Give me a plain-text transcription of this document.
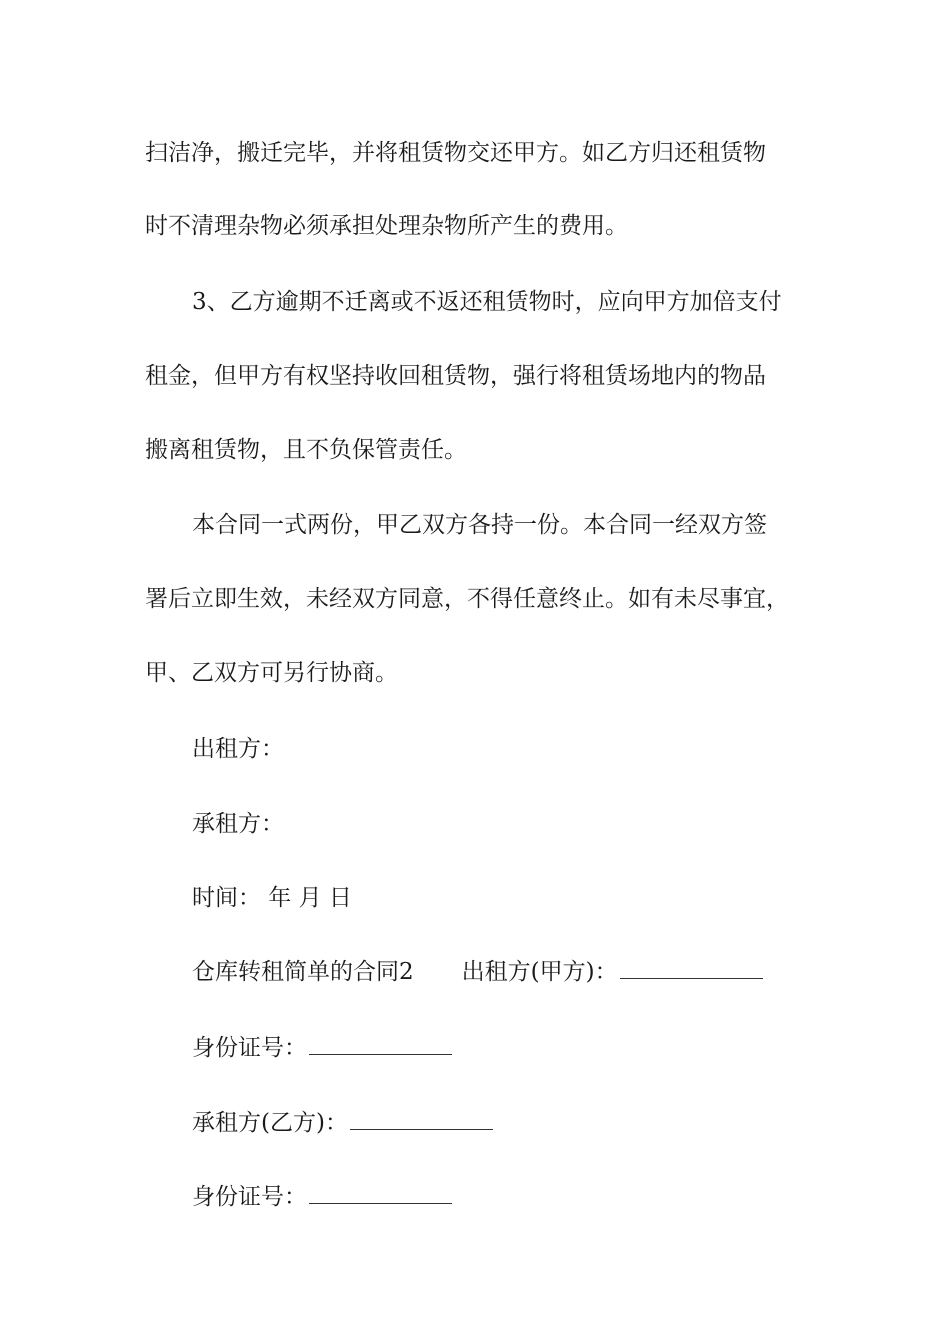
扫洁净，搬迁完毕，并将租赁物交还甲方。如乙方归还租赁物
时不清理杂物必须承担处理杂物所产生的费用。
3、乙方逾期不迁离或不返还租赁物时，应向甲方加倍支付
租金，但甲方有权坚持收回租赁物，强行将租赁场地内的物品
搬离租赁物，且不负保管责任。
本合同一式两份，甲乙双方各持一份。本合同一经双方签
署后立即生效，未经双方同意，不得任意终止。如有未尽事宜，
甲、乙双方可另行协商。
出租方：
承租方：
时间： 年 月 日
仓库转租简单的合同2 出租方(甲方)：
身份证号：
承租方(乙方)：
身份证号：
